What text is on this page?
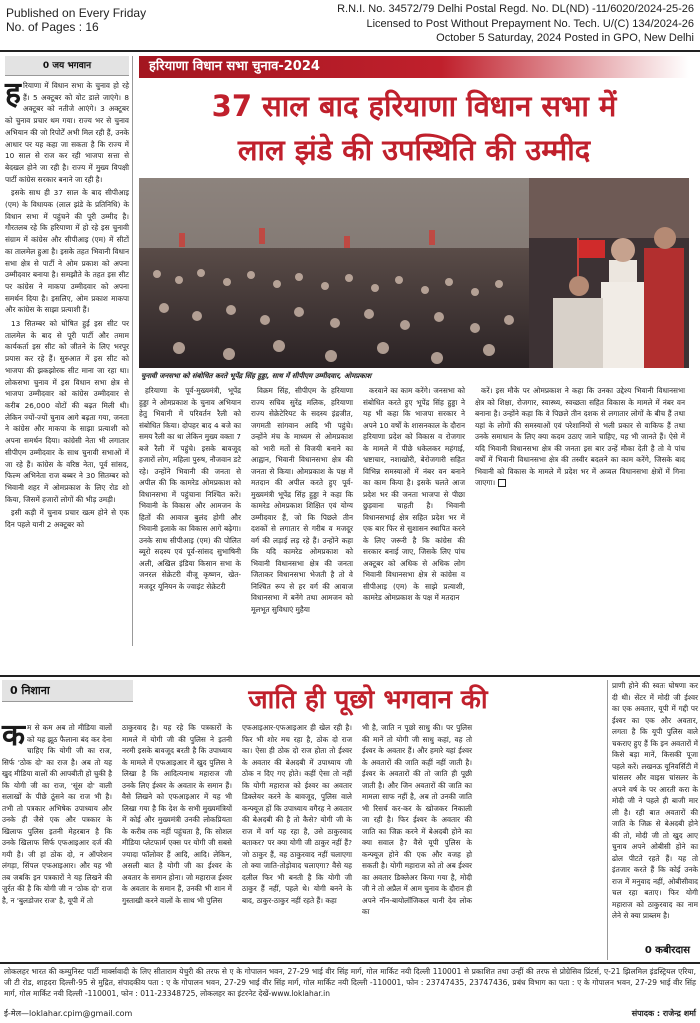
Published on Every Friday
No. of Pages : 16
R.N.I. No. 34572/79 Delhi Postal Regd. No. DL(ND) -11/6020/2024-25-26
Licensed to Post Without Prepayment No. Tech. U/(C) 134/2024-26
October 5 Saturday, 2024 Posted in GPO, New Delhi
0 जय भगवान

हरियाणा में विधान सभा के चुनाव हो रहे हैं। 5 अक्टूबर को वोट डाले जाएंगे। 8 अक्टूबर को नतीजे आएंगे। 3 अक्टूबर को चुनाव प्रचार थम गया। राज्य भर से चुनाव अभियान की जो रिपोर्टें अभी मिल रही हैं, उनके आधार पर यह कहा जा सकता है कि राज्य में 10 साल से राज कर रही भाजपा सत्ता से बेदखल होने जा रही है। राज्य में मुख्य विपक्षी पार्टी कांग्रेस सरकार बनाने जा रही है।

इसके साथ ही 37 साल के बाद सीपीआइ (एम) के विधायक (लाल झंडे के प्रतिनिधि) के विधान सभा में पहुंचने की पूरी उम्मीद है। गौरतलब रहे कि हरियाणा में हो रहे इस चुनावी संग्राम में कांग्रेस और सीपीआइ (एम) में सीटों का तालमेल हुआ है। इसके तहत भिवानी विधान सभा क्षेत्र से पार्टी ने ओम प्रकाश को अपना उम्मीदवार बनाया है। समझौते के तहत इस सीट पर कांग्रेस ने माकपा उम्मीदवार को अपना समर्थन दिया है। इसलिए, ओम प्रकाश माकपा और कांग्रेस के साझा प्रत्याशी हैं।

13 सितम्बर को घोषित हुई इस सीट पर तालमेल के बाद से पूरी पार्टी और तमाम कार्यकर्ता इस सीट को जीतने के लिए भरपूर प्रयास कर रहे हैं। सुरुआत में इस सीट को भाजपा की झकझोरक सीट माना जा रहा था। लोकसभा चुनाव में इस विधान सभा क्षेत्र से भाजपा उम्मीदवार को कांग्रेस उम्मीदवार से करीब 26,000 वोटों की बढ़त मिली थी। लेकिन ज्यों-ज्यों चुनाव आगे बढ़ता गया, जनता ने कांग्रेस और माकपा के साझा प्रत्याशी को अपना समर्थन दिया। कांग्रेसी नेता भी लगातार सीपीएम उम्मीदवार के साथ चुनावी सभाओं में जा रहे हैं। कांग्रेस के वरिष्ठ नेता, पूर्व सांसद, फिल्म अभिनेता राज बब्बर ने 30 सितम्बर को भिवानी शहर में ओमप्रकाश के लिए रोड शो किया, जिसमें हजारों लोगों की भीड़ उमड़ी।

इसी कड़ी में चुनाव प्रचार खत्म होने से एक दिन पहले यानी 2 अक्टूबर को

हरियाणा विधान सभा चुनाव-2024
37 साल बाद हरियाणा विधान सभा में
लाल झंडे की उपस्थिति की उम्मीद
चुनावी जनसभा को संबोधित करते भूपेंद्र सिंह हुड्डा, साथ में सीपीएम उम्मीदवार, ओमप्रकाश

हरियाणा के पूर्व-मुख्यमंत्री, भूपेंद्र हुड्डा ने ओमप्रकाश के चुनाव अभियान हेतु भिवानी में परिवर्तन रैली को संबोधित किया। दोपहर बाद 4 बजे का समय रैली का था लेकिन मुख्य वक्ता 7 बजे रैली में पहुंचे। इसके बावजूद हजारों लोग, महिला पुरुष, नौजवान डटे रहे। उन्होंने भिवानी की जनता से अपील की कि कामरेड ओमप्रकाश को विधानसभा में पहुंचाना निश्चित करें। भिवानी के विकास और आमजन के हितों की आवाज बुलंद होगी और भिवानी इलाके का विकास आगे बढ़ेगा। उनके साथ सीपीआइ (एम) की पोलित ब्यूरो सदस्य एवं पूर्व-सांसद सुभाषिनी अली, अखिल इंडिया किसान सभा के जनरल सेक्रेटरी वीजू कृष्णन, खेत-मजदूर यूनियन के ज्वाइंट सेक्रेटरी

विक्रम सिंह, सीपीएम के हरियाणा राज्य सचिव सुरेंद्र मलिक, हरियाणा राज्य सेक्रेटेरियट के सदस्य इंद्रजीत, जगमती सांगवान आदि भी पहुंचे। उन्होंने मंच के माध्यम से ओमप्रकाश को भारी मतों से विजयी बनाने का आह्वान, भिवानी विधानसभा क्षेत्र की जनता से किया। ओमप्रकाश के पक्ष में मतदान की अपील करते हुए पूर्व-मुख्यमंत्री भूपेंद्र सिंह हुड्डा ने कहा कि कामरेड ओमप्रकाश शिक्षित एवं योग्य उम्मीदवार हैं, जो कि पिछले तीन दशकों से लगातार से गरीब व मजदूर वर्ग की लड़ाई लड़ रहे हैं। उन्होंने कहा कि यदि कामरेड ओमप्रकाश को भिवानी विधानसभा क्षेत्र की जनता जिताकर विधानसभा भेजती है तो वे निश्चित रूप से हर वर्ग की आवाज विधानसभा में बनेंगे तथा आमजन को मूलभूत सुविधाएं मुहैया

करवाने का काम करेंगे। जनसभा को संबोधित करते हुए भूपेंद्र सिंह हुड्डा ने यह भी कहा कि भाजपा सरकार ने अपने 10 वर्षों के शासनकाल के दौरान हरियाणा प्रदेश को विकास व रोजगार के मामले में पीछे धकेलकर महंगाई, भ्रष्टाचार, नशाखोरी, बेरोजगारी सहित विभिन्न समस्याओं में नंबर वन बनाने का काम किया है। इसके चलते आज प्रदेश भर की जनता भाजपा से पीछा छुड़वाना चाहती है। भिवानी विधानसभाई क्षेत्र सहित प्रदेश भर में एक बार फिर से सुशासन स्थापित करने के लिए जरूरी है कि कांग्रेस की सरकार बनाई जाए, जिसके लिए पांच अक्टूबर को अधिक से अधिक लोग भिवानी विधानसभा क्षेत्र से कांग्रेस व सीपीआइ (एम) के साझे प्रत्याशी, कामरेड ओमप्रकाश के पक्ष में मतदान

करें। इस मौके पर ओमप्रकाश ने कहा कि उनका उद्देश्य भिवानी विधानसभा क्षेत्र को शिक्षा, रोजगार, स्वास्थ्य, स्वच्छता सहित विकास के मामले में नंबर वन बनाना है। उन्होंने कहा कि वे पिछले तीन दशक से लगातार लोगों के बीच हैं तथा यहां के लोगों की समस्याओं एवं परेशानियों से भली प्रकार से वाकिफ हैं तथा उनके समाधान के लिए क्या कदम उठाए जाने चाहिए, यह भी जानते हैं। ऐसे में यदि भिवानी विधानसभा क्षेत्र की जनता इस बार उन्हें मौका देती है तो वे पांच वर्षों में भिवानी विधानसभा क्षेत्र की तस्वीर बदलने का काम करेंगे, जिसके बाद भिवानी को विकास के मामले में प्रदेश भर में अव्वल विधानसभा क्षेत्रों में गिना जाएगा।

0 निशाना	जाति ही पूछो भगवान की
कम से कम अब तो मीडिया वालों को यह झूठ फैलाना बंद कर देना चाहिए कि योगी जी का राज, सिर्फ 'ठोक दो' का राज है। अब तो यह खुद मीडिया वालों की आपबीती हो चुकी है कि योगी जी का राज, 'सूंस दो' वाली सलाखों के पीछे ठूंसने का राज भी है। तभी तो पत्रकार अभिषेक उपाध्याय और उनके ही जैसे एक और पत्रकार के खिलाफ पुलिस इतनी मेहरबान है कि उनके खिलाफ सिर्फ एफआइआर दर्ज की गयी है। जी हां ठोक दो, न ऑपरेशन लंगड़ा, सिंपल एफआइआर। और यह भी तब जबकि इन पत्रकारों ने यह लिखने की जुर्रत की है कि योगी जी न 'ठोक दो' राज है, न 'बुलडोजर राज' है, यूपी में तो
ठाकुरवाद है। यह रहे कि पत्रकारों के मामले में योगी जी की पुलिस ने इतनी नरमी इसके बावजूद बरती है कि उपाध्याय के मामले में एफआइआर में खुद पुलिस ने लिखा है कि आदित्यनाथ महाराज जी उनके लिए ईश्वर के अवतार के समान हैं। वैसे लिखने को एफआइआर में यह भी लिखा गया है कि देश के सभी मुख्यमंत्रियों में कोई और मुख्यमंत्री उनकी लोकप्रियता के करीब तक नहीं पहुंचता है, कि सोशल मीडिया प्लेटफार्म एक्स पर योगी जी सबसे ज्यादा फॉलोवर हैं आदि, आदि। लेकिन, असली बात है योगी जी का ईश्वर के अवतार के समान होना। जो महाराज ईश्वर के अवतार के समान हैं, उनकी भी शान में गुस्ताखी करने वालों के साथ भी पुलिस
एफआइआर-एफआइआर ही खेल रही है। फिर भी शोर मच रहा है, ठोक दो राज का। ऐसा ही ठोक दो राज होता तो ईश्वर के अवतार की बेअदबी में उपाध्याय जी ठोक न दिए गए होते। कहीं ऐसा तो नहीं कि योगी महाराज को ईश्वर का अवतार डिक्लेयर करने के बावजूद, पुलिस वाले कन्फ्यूज हों कि उपाध्याय वगैरह ने अवतार की बेअदबी की है तो कैसे? योगी जी के राज में वर्ग यह रहा है, उसे ठाकुरवाद बताकर? पर क्या योगी जी ठाकुर नहीं हैं? जो ठाकुर हैं, वह ठाकुरवाद नहीं चलाएगा तो क्या जाति-तोड़ोवाद चलाएगा? वैसे यह दलील फिर भी बनती है कि योगी जी ठाकुर हैं नहीं, पहले थे। योगी बनने के बाद, ठाकुर-ठाकुर नहीं रहते हैं। कहा
भी है, जाति न पूछो साधु की। पर पुलिस की मानें तो योगी जी साधु कहां, वह तो ईश्वर के अवतार हैं। और हमारे यहां ईश्वर के अवतारों की जाति कहीं नहीं जाती है। ईश्वर के अवतारों की तो जाति ही पूछी जाती है। और जिन अवतारों की जाति का मामला साफ नहीं है, अब तो उनकी जाति भी रिसर्च कर-कर के खोजकर निकाली जा रही है। फिर ईश्वर के अवतार की जाति का जिक्र करने में बेअदबी होने का क्या सवाल है? वैसे यूपी पुलिस के कन्फ्यूज होने की एक और वजह हो सकती है। योगी महाराज को तो अब ईश्वर का अवतार डिक्लेअर किया गया है, मोदी जी ने तो अप्रैल में आम चुनाव के दौरान ही अपने नॉन-बायोलॉजिकल यानी देव लोक का
प्राणी होने की स्वतः घोषणा कर दी थी। सेंटर में मोदी जी ईश्वर का एक अवतार, यूपी में गद्दी पर ईश्वर का एक और अवतार, लगता है कि यूपी पुलिस वाले चकराए हुए हैं कि इन अवतारों में किसे बड़ा मानें, किसकी पूजा पहले करें। लखनऊ यूनिवर्सिटी में चांसलर और वाइस चांसलर के अपने वर्ष के पर आरती करा के मोदी जी ने पहले ही बाजी मार ली है। रही बात अवतारों की जाति के जिक्र से बेअदबी होने की तो, मोदी जी तो खुद आए चुनाव अपने ओबीसी होने का ढोल पीटते रहते हैं। यह तो इंतजार करते हैं कि कोई उनके राज में मनुवाद नहीं, ओबीसीवाद चल रहा बताए। फिर योगी महाराज को ठाकुरवाद का नाम लेने से क्या प्राब्लम है।
0 कबीरदास
लोकलहर भारत की कम्युनिस्ट पार्टी मार्क्सवादी के लिए सीताराम येचुरी की तरफ से ए के गोपालन भवन, 27-29 भाई वीर सिंह मार्ग, गोल मार्किट नयी दिल्ली 110001 से प्रकाशित तथा उन्हीं की तरफ से प्रोग्रेसिव प्रिंटर्स, ए-21 झिलमिल इंडस्ट्रियल एरिया, जी टी रोड, शाहदरा दिल्ली-95 से मुद्रित, संपादकीय पता : ए के गोपालन भवन, 27-29 भाई वीर सिंह मार्ग, गोल मार्किट नयी दिल्ली -110001, फोन : 23747435, 23747436, प्रबंध विभाग का पता : ए के गोपालन भवन, 27-29 भाई वीर सिंह मार्ग, गोल मार्किट नयी दिल्ली -110001, फोन : 011-23348725, लोकलहर का इंटरनेट देखें-www.loklahar.in
ई-मेल—loklahar.cpim@gmail.com	संपादक : राजेन्द्र शर्मा
